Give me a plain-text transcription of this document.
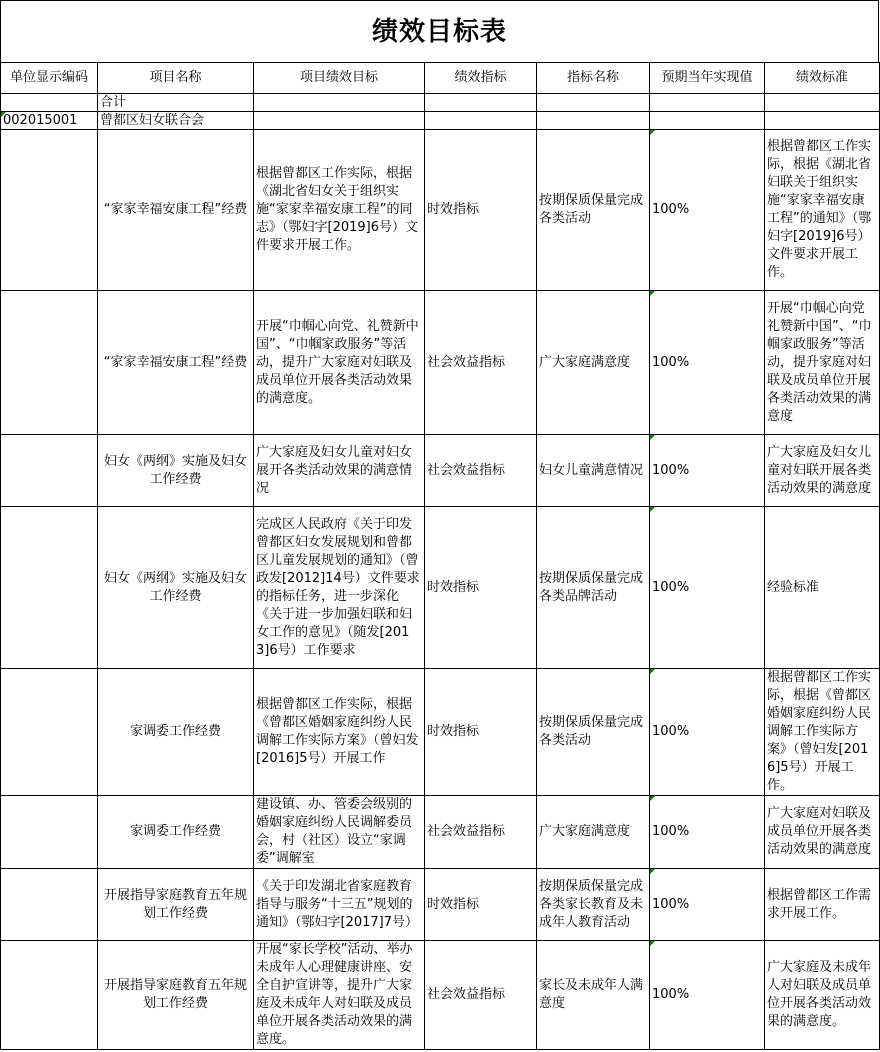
绩效目标表
单位显示编码	项目名称	项目绩效目标	绩效指标	指标名称	预期当年实现值	绩效标准
	合计					
002015001	曾都区妇女联合会					
	“家家幸福安康工程”经费	根据曾都区工作实际，根据《湖北省妇女关于组织实施“家家幸福安康工程”的同志》（鄂妇字[2019]6号）文件要求开展工作。	时效指标	按期保质保量完成各类活动	100%	根据曾都区工作实际，根据《湖北省妇联关于组织实施“家家幸福安康工程”的通知》（鄂妇字[2019]6号）文件要求开展工作。
	“家家幸福安康工程”经费	开展“巾帼心向党、礼赞新中国”、“巾帼家政服务”等活动，提升广大家庭对妇联及成员单位开展各类活动效果的满意度。	社会效益指标	广大家庭满意度	100%	开展“巾帼心向党 礼赞新中国”、“巾帼家政服务”等活动，提升家庭对妇联及成员单位开展各类活动效果的满意度
	妇女《两纲》实施及妇女工作经费	广大家庭及妇女儿童对妇女展开各类活动效果的满意情况	社会效益指标	妇女儿童满意情况	100%	广大家庭及妇女儿童对妇联开展各类活动效果的满意度
	妇女《两纲》实施及妇女工作经费	完成区人民政府《关于印发曾都区妇女发展规划和曾都区儿童发展规划的通知》（曾政发[2012]14号）文件要求的指标任务，进一步深化《关于进一步加强妇联和妇女工作的意见》（随发[2013]6号）工作要求	时效指标	按期保质保量完成各类品牌活动	100%	经验标准
	家调委工作经费	根据曾都区工作实际，根据《曾都区婚姻家庭纠纷人民调解工作实际方案》（曾妇发[2016]5号）开展工作	时效指标	按期保质保量完成各类活动	100%	根据曾都区工作实际，根据《曾都区婚姻家庭纠纷人民调解工作实际方案》（曾妇发[2016]5号）开展工作。
	家调委工作经费	建设镇、办、管委会级别的婚姻家庭纠纷人民调解委员会，村（社区）设立“家调委”调解室	社会效益指标	广大家庭满意度	100%	广大家庭对妇联及成员单位开展各类活动效果的满意度
	开展指导家庭教育五年规划工作经费	《关于印发湖北省家庭教育指导与服务“十三五”规划的通知》（鄂妇字[2017]7号）	时效指标	按期保质保量完成各类家长教育及未成年人教育活动	100%	根据曾都区工作需求开展工作。
	开展指导家庭教育五年规划工作经费	开展“家长学校”活动、举办未成年人心理健康讲座、安全自护宣讲等，提升广大家庭及未成年人对妇联及成员单位开展各类活动效果的满意度。	社会效益指标	家长及未成年人满意度	100%	广大家庭及未成年人对妇联及成员单位开展各类活动效果的满意度。
